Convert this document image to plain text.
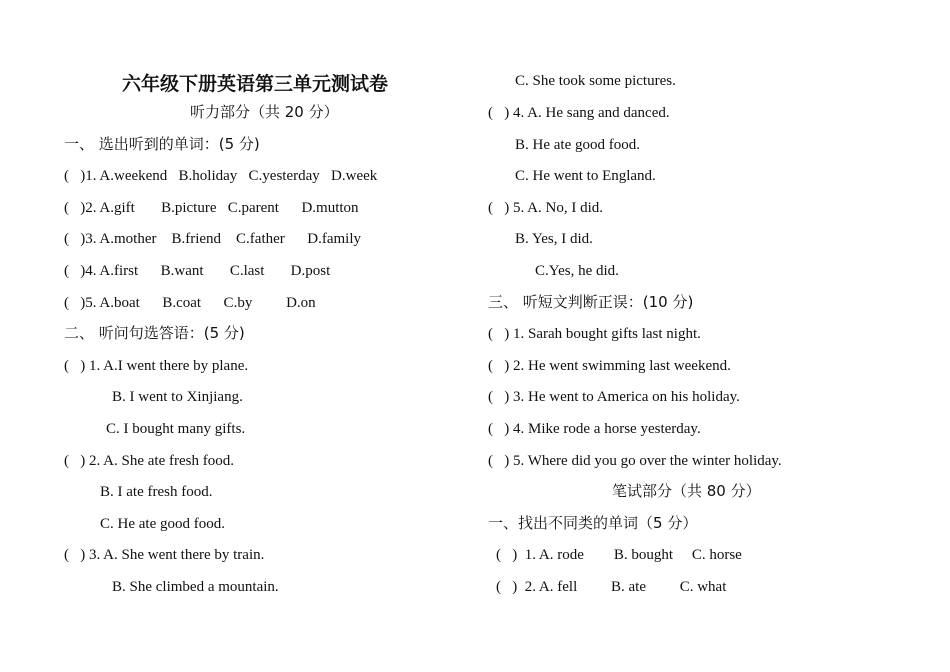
六年级下册英语第三单元测试卷
听力部分（共 20 分）
一、 选出听到的单词：(5 分)
(   )1. A.weekend   B.holiday   C.yesterday   D.week
(   )2. A.gift       B.picture   C.parent      D.mutton
(   )3. A.mother    B.friend    C.father      D.family
(   )4. A.first      B.want       C.last       D.post
(   )5. A.boat      B.coat      C.by         D.on
二、 听问句选答语：(5 分)
(   ) 1. A.I went there by plane.
B. I went to Xinjiang.
C. I bought many gifts.
(   ) 2. A. She ate fresh food.
B. I ate fresh food.
C. He ate good food.
(   ) 3. A. She went there by train.
B. She climbed a mountain.
C. She took some pictures.
(   ) 4. A. He sang and danced.
B. He ate good food.
C. He went to England.
(   ) 5. A. No, I did.
B. Yes, I did.
C.Yes, he did.
三、 听短文判断正误：(10 分)
(   ) 1. Sarah bought gifts last night.
(   ) 2. He went swimming last weekend.
(   ) 3. He went to America on his holiday.
(   ) 4. Mike rode a horse yesterday.
(   ) 5. Where did you go over the winter holiday.
笔试部分（共 80 分）
一、找出不同类的单词（5 分）
(   )  1. A. rode        B. bought     C. horse
(   )  2. A. fell         B. ate         C. what
